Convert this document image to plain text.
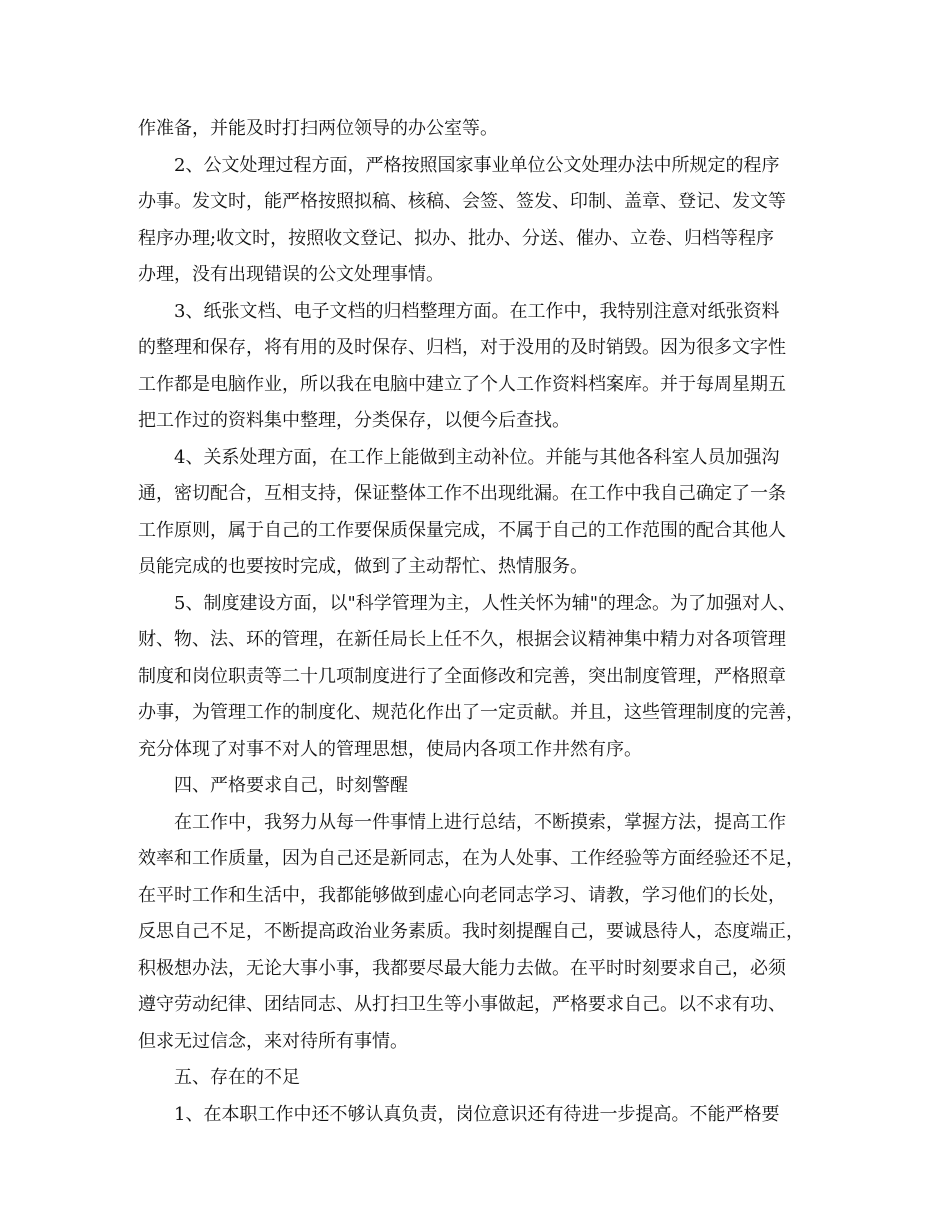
作准备，并能及时打扫两位领导的办公室等。
2、公文处理过程方面，严格按照国家事业单位公文处理办法中所规定的程序
办事。发文时，能严格按照拟稿、核稿、会签、签发、印制、盖章、登记、发文等
程序办理;收文时，按照收文登记、拟办、批办、分送、催办、立卷、归档等程序
办理，没有出现错误的公文处理事情。
3、纸张文档、电子文档的归档整理方面。在工作中，我特别注意对纸张资料
的整理和保存，将有用的及时保存、归档，对于没用的及时销毁。因为很多文字性
工作都是电脑作业，所以我在电脑中建立了个人工作资料档案库。并于每周星期五
把工作过的资料集中整理，分类保存，以便今后查找。
4、关系处理方面，在工作上能做到主动补位。并能与其他各科室人员加强沟
通，密切配合，互相支持，保证整体工作不出现纰漏。在工作中我自己确定了一条
工作原则，属于自己的工作要保质保量完成，不属于自己的工作范围的配合其他人
员能完成的也要按时完成，做到了主动帮忙、热情服务。
5、制度建设方面，以"科学管理为主，人性关怀为辅"的理念。为了加强对人、
财、物、法、环的管理，在新任局长上任不久，根据会议精神集中精力对各项管理
制度和岗位职责等二十几项制度进行了全面修改和完善，突出制度管理，严格照章
办事，为管理工作的制度化、规范化作出了一定贡献。并且，这些管理制度的完善，
充分体现了对事不对人的管理思想，使局内各项工作井然有序。
四、严格要求自己，时刻警醒
在工作中，我努力从每一件事情上进行总结，不断摸索，掌握方法，提高工作
效率和工作质量，因为自己还是新同志，在为人处事、工作经验等方面经验还不足，
在平时工作和生活中，我都能够做到虚心向老同志学习、请教，学习他们的长处，
反思自己不足，不断提高政治业务素质。我时刻提醒自己，要诚恳待人，态度端正，
积极想办法，无论大事小事，我都要尽最大能力去做。在平时时刻要求自己，必须
遵守劳动纪律、团结同志、从打扫卫生等小事做起，严格要求自己。以不求有功、
但求无过信念，来对待所有事情。
五、存在的不足
1、在本职工作中还不够认真负责，岗位意识还有待进一步提高。不能严格要
